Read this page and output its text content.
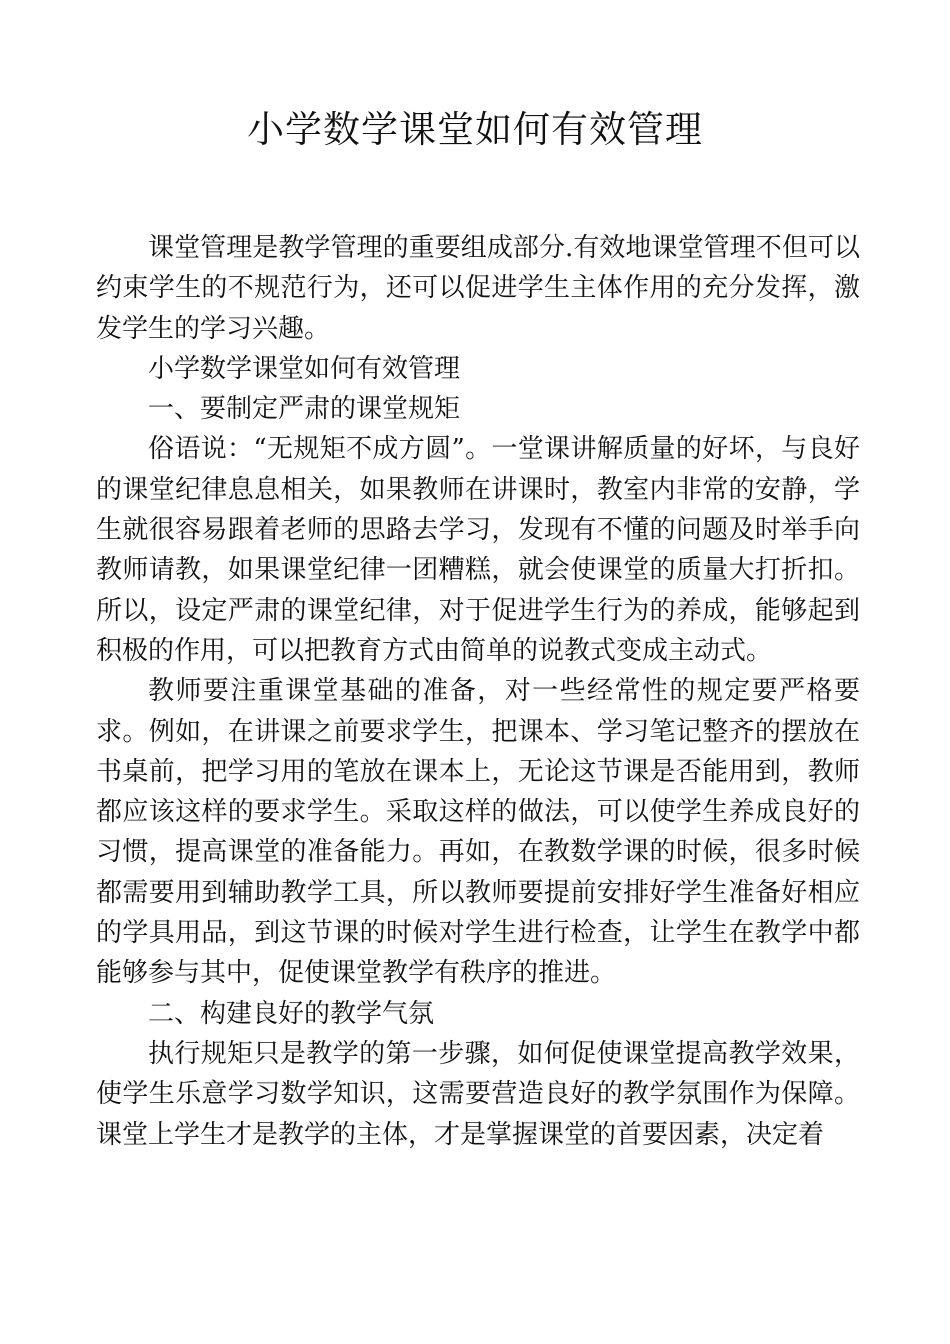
小学数学课堂如何有效管理

课堂管理是教学管理的重要组成部分.有效地课堂管理不但可以约束学生的不规范行为，还可以促进学生主体作用的充分发挥，激发学生的学习兴趣。

小学数学课堂如何有效管理

一、要制定严肃的课堂规矩

俗语说：“无规矩不成方圆”。一堂课讲解质量的好坏，与良好的课堂纪律息息相关，如果教师在讲课时，教室内非常的安静，学生就很容易跟着老师的思路去学习，发现有不懂的问题及时举手向教师请教，如果课堂纪律一团糟糕，就会使课堂的质量大打折扣。所以，设定严肃的课堂纪律，对于促进学生行为的养成，能够起到积极的作用，可以把教育方式由简单的说教式变成主动式。

教师要注重课堂基础的准备，对一些经常性的规定要严格要求。例如，在讲课之前要求学生，把课本、学习笔记整齐的摆放在书桌前，把学习用的笔放在课本上，无论这节课是否能用到，教师都应该这样的要求学生。采取这样的做法，可以使学生养成良好的习惯，提高课堂的准备能力。再如，在教数学课的时候，很多时候都需要用到辅助教学工具，所以教师要提前安排好学生准备好相应的学具用品，到这节课的时候对学生进行检查，让学生在教学中都能够参与其中，促使课堂教学有秩序的推进。

二、构建良好的教学气氛

执行规矩只是教学的第一步骤，如何促使课堂提高教学效果，使学生乐意学习数学知识，这需要营造良好的教学氛围作为保障。课堂上学生才是教学的主体，才是掌握课堂的首要因素，决定着
